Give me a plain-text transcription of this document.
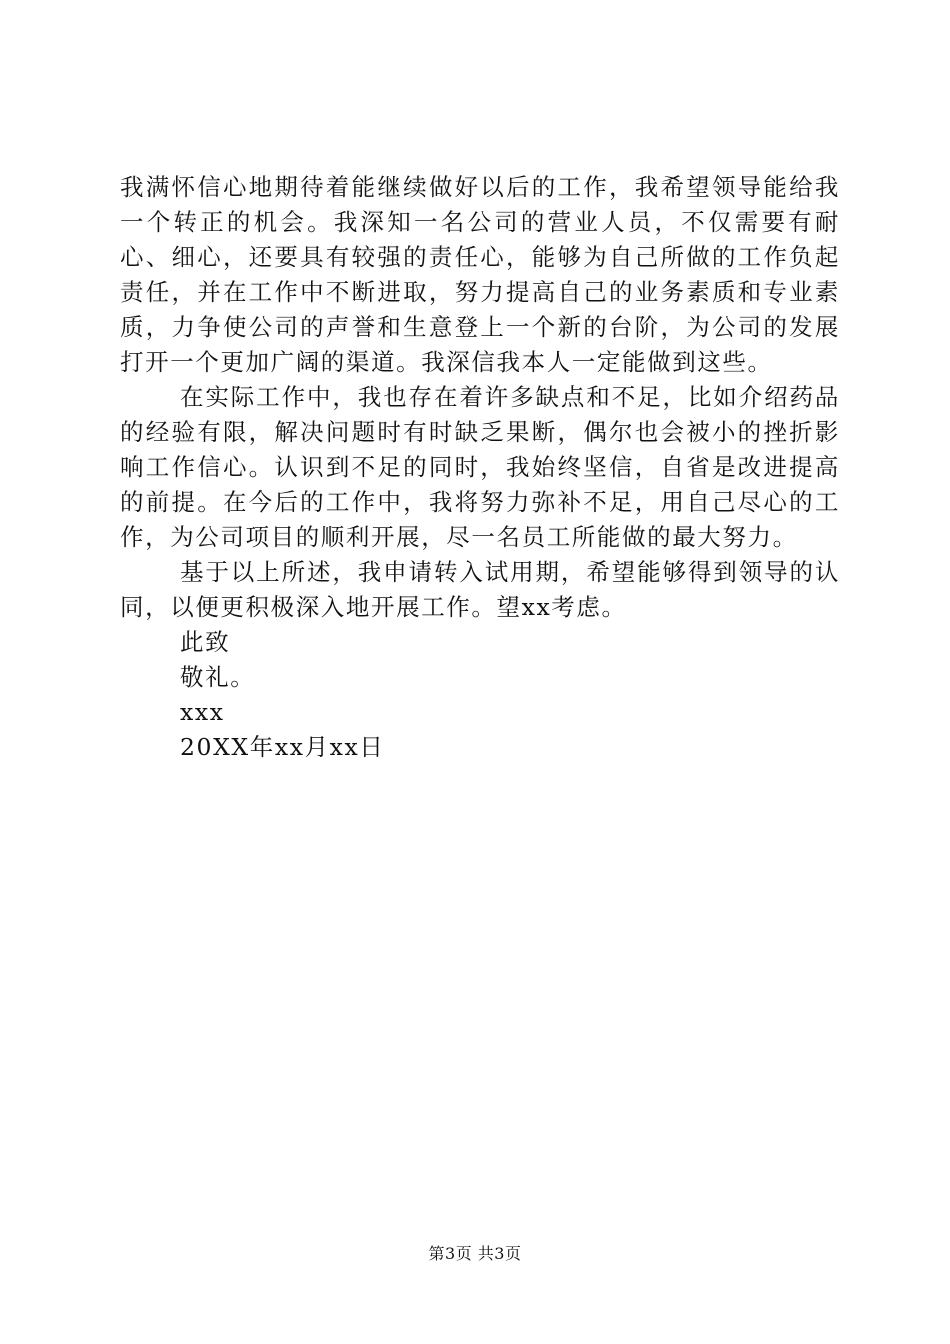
我满怀信心地期待着能继续做好以后的工作，我希望领导能给我一个转正的机会。我深知一名公司的营业人员，不仅需要有耐心、细心，还要具有较强的责任心，能够为自己所做的工作负起责任，并在工作中不断进取，努力提高自己的业务素质和专业素质，力争使公司的声誉和生意登上一个新的台阶，为公司的发展打开一个更加广阔的渠道。我深信我本人一定能做到这些。

在实际工作中，我也存在着许多缺点和不足，比如介绍药品的经验有限，解决问题时有时缺乏果断，偶尔也会被小的挫折影响工作信心。认识到不足的同时，我始终坚信，自省是改进提高的前提。在今后的工作中，我将努力弥补不足，用自己尽心的工作，为公司项目的顺利开展，尽一名员工所能做的最大努力。

基于以上所述，我申请转入试用期，希望能够得到领导的认同，以便更积极深入地开展工作。望xx考虑。

此致

敬礼。

xxx

20XX年xx月xx日

第3页 共3页
